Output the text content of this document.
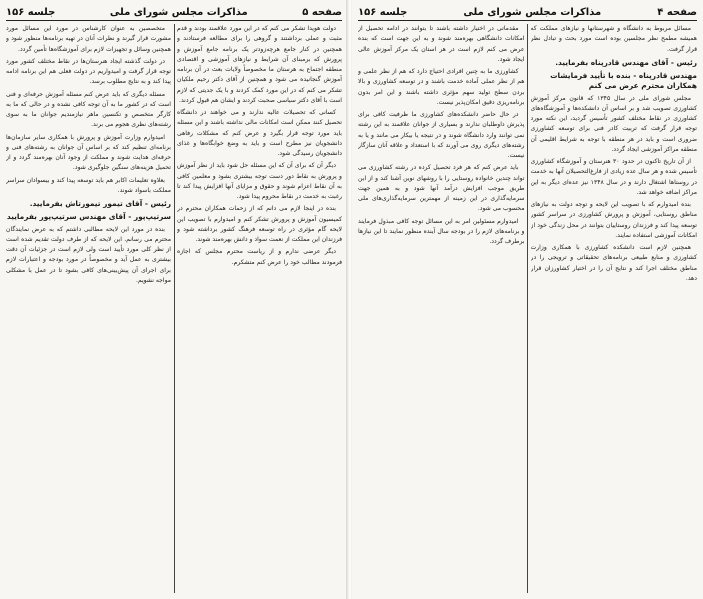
صفحه ۵
مذاکرات مجلس شورای ملی
جلسه ۱۵۶

دولت هویدا تشکر می کنم که در این مورد علاقمند بودند و قدم مثبت و عملی برداشتند و گروهی را برای مطالعه فرستادند و همچنین در کنار جامع هرچه‌زودتر یک برنامه جامع آموزش و پرورش که برمبنای آن شرایط و نیازهای آموزشی و اقتصادی منطقه اجتماع به هرستان ما مخصوصاً ولایات بعث در آن برنامه آموزش گنجانیده می شود و همچنین از آقای دکتر رحیم ملکیان تشکر می کنم که در این مورد کمک کردند و با یک جدیتی که لازم است با آقای دکتر سیاسی صحبت کردند و ایشان هم قبول کردند.

کسانی که تحصیلات عالیه ندارند و می خواهند در دانشگاه تحصیل کنند ممکن است امکانات مالی نداشته باشند و این مسئله باید مورد توجه قرار بگیرد و عرض کنم که مشکلات رفاهی دانشجویان نیز مطرح است و باید به وضع خوابگاه‌ها و غذای دانشجویان رسیدگی شود.

دیگر آن که برای آن که این مسئله حل شود باید از نظر آموزش و پرورش به نقاط دور دست توجه بیشتری بشود و معلمین کافی به آن نقاط اعزام شوند و حقوق و مزایای آنها افزایش پیدا کند تا رغبت به خدمت در نقاط محروم پیدا شود.

بنده در اینجا لازم می دانم که از زحمات همکاران محترم در کمیسیون آموزش و پرورش تشکر کنم و امیدوارم با تصویب این لایحه گام مؤثری در راه توسعه فرهنگ کشور برداشته شود و فرزندان این مملکت از نعمت سواد و دانش بهره‌مند شوند.

دیگر عرضی ندارم و از ریاست محترم مجلس که اجازه فرمودند مطالب خود را عرض کنم متشکرم.

متخصصین به عنوان کارشناس در مورد این مسائل مورد مشورت قرار گیرند و نظرات آنان در تهیه برنامه‌ها منظور شود و همچنین وسائل و تجهیزات لازم برای آموزشگاه‌ها تأمین گردد.

در دولت گذشته ایجاد هنرستان‌ها در نقاط مختلف کشور مورد توجه قرار گرفت و امیدواریم در دولت فعلی هم این برنامه ادامه پیدا کند و به نتایج مطلوب برسد.

مسئله دیگری که باید عرض کنم مسئله آموزش حرفه‌ای و فنی است که در کشور ما به آن توجه کافی نشده و در حالی که ما به کارگر متخصص و تکنسین ماهر نیازمندیم جوانان ما به سوی رشته‌های نظری هجوم می برند.

امیدوارم وزارت آموزش و پرورش با همکاری سایر سازمان‌ها برنامه‌ای تنظیم کند که بر اساس آن جوانان به رشته‌های فنی و حرفه‌ای هدایت شوند و مملکت از وجود آنان بهره‌مند گردد و از تحمیل هزینه‌های سنگین جلوگیری شود.

بعلاوه تعلیمات اکابر هم باید توسعه پیدا کند و بیسوادان سراسر مملکت باسواد شوند.

رئیس - آقای تیمور تیمورتاش بفرمایید.
سرتیپ‌پور - آقای مهندس سرتیپ‌پور بفرمایید

بنده در مورد این لایحه مطالبی داشتم که به عرض نمایندگان محترم می رسانم. این لایحه که از طرف دولت تقدیم شده است از نظر کلی مورد تأیید است ولی لازم است در جزئیات آن دقت بیشتری به عمل آید و مخصوصاً در مورد بودجه و اعتبارات لازم برای اجرای آن پیش‌بینی‌های کافی بشود تا در عمل با مشکلی مواجه نشویم.

صفحه ۴
مذاکرات مجلس شورای ملی
جلسه ۱۵۶

مسائل مربوط به دانشگاه و شهرستانها و نیازهای مملکت که همیشه مطمح نظر مجلسین بوده است مورد بحث و تبادل نظر قرار گرفت.

رئیس - آقای مهندس قادرپناه بفرمایید.
مهندس قادرپناه - بنده با تأیید فرمایشات همکاران محترم عرض می کنم

مجلس شورای ملی در سال ۱۳۴۵ که قانون مرکز آموزش کشاورزی تصویب شد و بر اساس آن دانشکده‌ها و آموزشگاه‌های کشاورزی در نقاط مختلف کشور تأسیس گردید، این نکته مورد توجه قرار گرفت که تربیت کادر فنی برای توسعه کشاورزی ضروری است و باید در هر منطقه با توجه به شرایط اقلیمی آن منطقه مراکز آموزشی ایجاد گردد.

از آن تاریخ تاکنون در حدود ۳۰ هنرستان و آموزشگاه کشاورزی تأسیس شده و هر سال عده زیادی از فارغ‌التحصیلان آنها به خدمت در روستاها اشتغال دارند و در سال ۱۳۴۸ نیز عده‌ای دیگر به این مراکز اضافه خواهد شد.

بنده امیدوارم که با تصویب این لایحه و توجه دولت به نیازهای مناطق روستایی، آموزش و پرورش کشاورزی در سراسر کشور توسعه پیدا کند و فرزندان روستاییان بتوانند در محل زندگی خود از امکانات آموزشی استفاده نمایند.

همچنین لازم است دانشکده کشاورزی با همکاری وزارت کشاورزی و منابع طبیعی برنامه‌های تحقیقاتی و ترویجی را در مناطق مختلف اجرا کند و نتایج آن را در اختیار کشاورزان قرار دهد.

مقدماتی در اختیار داشته باشند تا بتوانند در ادامه تحصیل از امکانات دانشگاهی بهره‌مند شوند و به این جهت است که بنده عرض می کنم لازم است در هر استان یک مرکز آموزش عالی ایجاد شود.

کشاورزی ما به چنین افرادی احتیاج دارد که هم از نظر علمی و هم از نظر عملی آماده خدمت باشند و در توسعه کشاورزی و بالا بردن سطح تولید سهم مؤثری داشته باشند و این امر بدون برنامه‌ریزی دقیق امکان‌پذیر نیست.

در حال حاضر دانشکده‌های کشاورزی ما ظرفیت کافی برای پذیرش داوطلبان ندارند و بسیاری از جوانان علاقمند به این رشته نمی توانند وارد دانشگاه شوند و در نتیجه یا بیکار می مانند و یا به رشته‌های دیگری روی می آورند که با استعداد و علاقه آنان سازگار نیست.

باید عرض کنم که هر فرد تحصیل کرده در رشته کشاورزی می تواند چندین خانواده روستایی را با روشهای نوین آشنا کند و از این طریق موجب افزایش درآمد آنها شود و به همین جهت سرمایه‌گذاری در این زمینه از مهمترین سرمایه‌گذاری‌های ملی محسوب می شود.

امیدوارم مسئولین امر به این مسائل توجه کافی مبذول فرمایند و برنامه‌های لازم را در بودجه سال آینده منظور نمایند تا این نیازها برطرف گردد.
